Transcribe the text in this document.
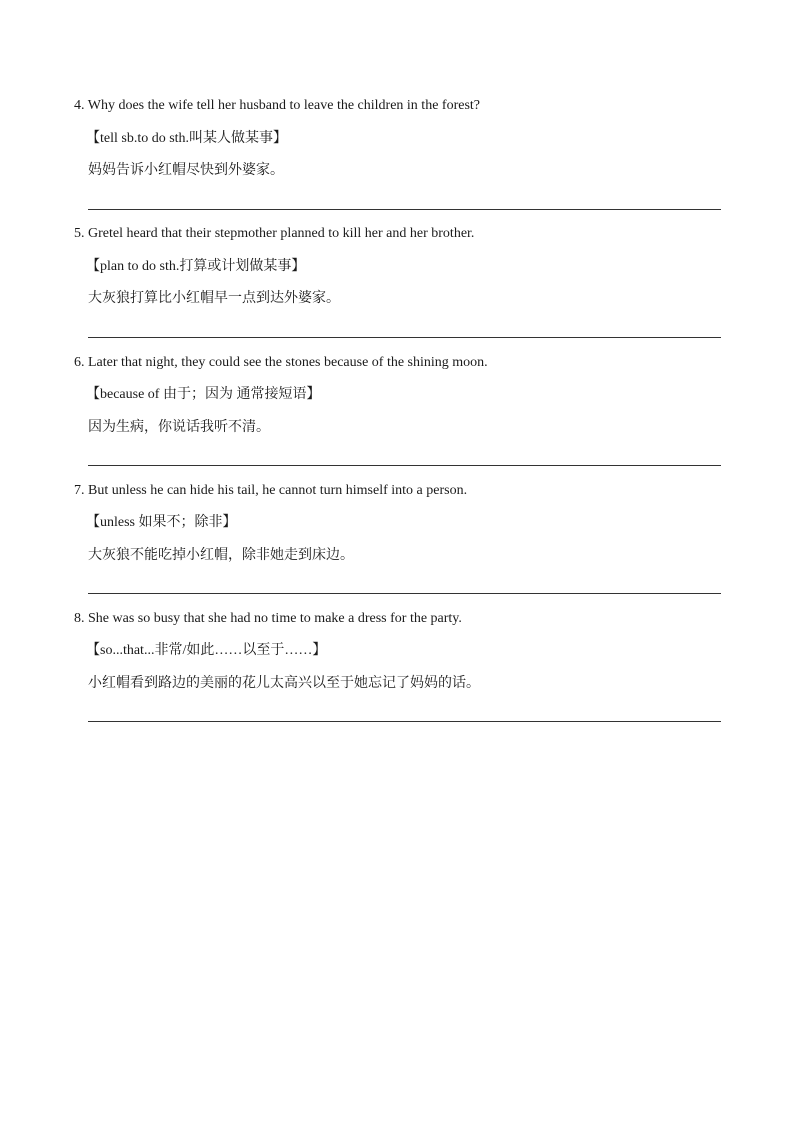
4. Why does the wife tell her husband to leave the children in the forest?
【tell sb.to do sth.叫某人做某事】
妈妈告诉小红帽尽快到外婆家。
5. Gretel heard that their stepmother planned to kill her and her brother.
【plan to do sth.打算或计划做某事】
大灰狼打算比小红帽早一点到达外婆家。
6. Later that night, they could see the stones because of the shining moon.
【because of 由于；因为 通常接短语】
因为生病，你说话我听不清。
7. But unless he can hide his tail, he cannot turn himself into a person.
【unless 如果不；除非】
大灰狼不能吃掉小红帽，除非她走到床边。
8. She was so busy that she had no time to make a dress for the party.
【so...that...非常/如此……以至于……】
小红帽看到路边的美丽的花儿太高兴以至于她忘记了妈妈的话。
